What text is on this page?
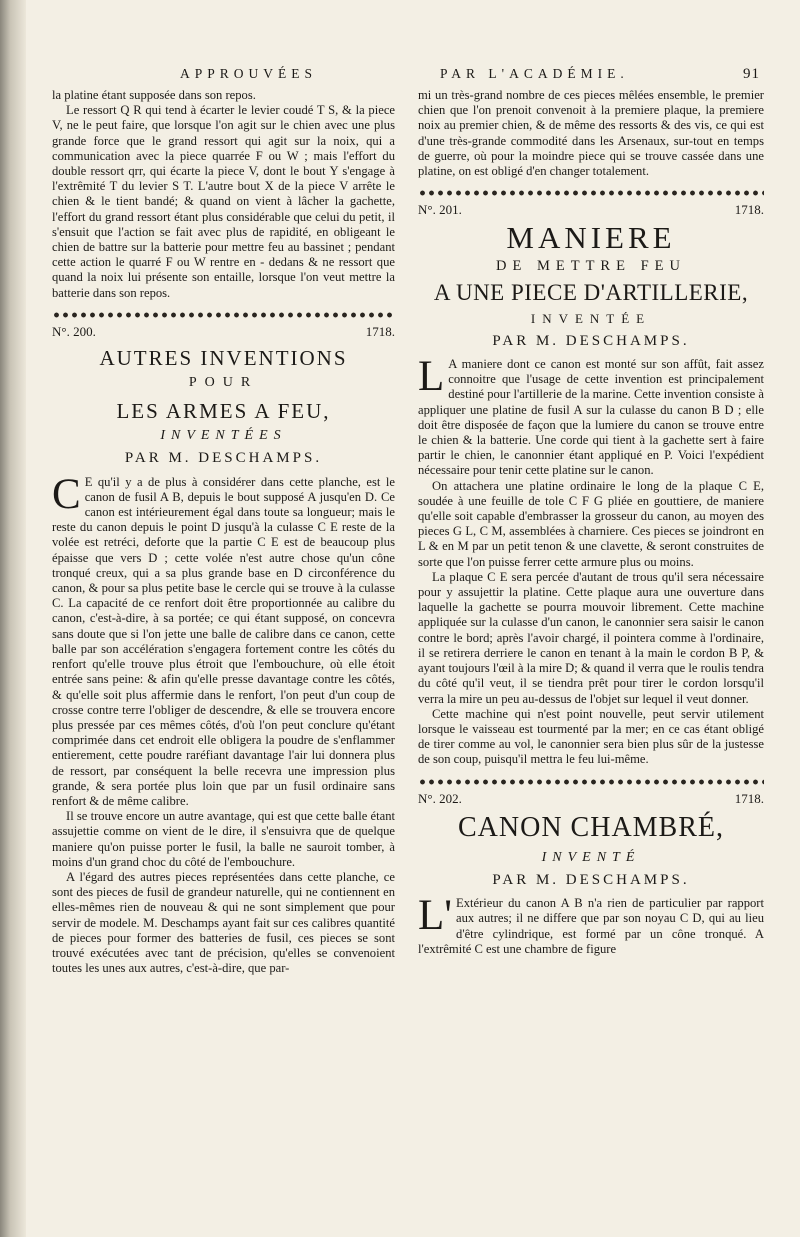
APPROUVÉES	PAR L'ACADÉMIE.	91

la platine étant supposée dans son repos.

Le ressort Q R qui tend à écarter le levier coudé T S, & la piece V, ne le peut faire, que lorsque l'on agit sur le chien avec une plus grande force que le grand ressort qui agit sur la noix, qui a communication avec la piece quarrée F ou W ; mais l'effort du double ressort qrr, qui écarte la piece V, dont le bout Y s'engage à l'extrêmité T du levier S T. L'autre bout X de la piece V arrête le chien & le tient bandé; & quand on vient à lâcher la gachette, l'effort du grand ressort étant plus considérable que celui du petit, il s'ensuit que l'action se fait avec plus de rapidité, en obligeant le chien de battre sur la batterie pour mettre feu au bassinet ; pendant cette action le quarré F ou W rentre en - dedans & ne ressort que quand la noix lui présente son entaille, lorsque l'on veut mettre la batterie dans son repos.

N°. 200.	1718.
AUTRES INVENTIONS
POUR
LES ARMES A FEU,
INVENTÉES
PAR M. DESCHAMPS.

CE qu'il y a de plus à considérer dans cette planche, est le canon de fusil A B, depuis le bout supposé A jusqu'en D. Ce canon est intérieurement égal dans toute sa longueur; mais le reste du canon depuis le point D jusqu'à la culasse C E reste de la volée est retréci, deforte que la partie C E est de beaucoup plus épaisse que vers D ; cette volée n'est autre chose qu'un cône tronqué creux, qui a sa plus grande base en D circonférence du canon, & pour sa plus petite base le cercle qui se trouve à la culasse C. La capacité de ce renfort doit être proportionnée au calibre du canon, c'est-à-dire, à sa portée; ce qui étant supposé, on concevra sans doute que si l'on jette une balle de calibre dans ce canon, cette balle par son accélération s'engagera fortement contre les côtés du renfort qu'elle trouve plus étroit que l'embouchure, où elle étoit entrée sans peine: & afin qu'elle presse davantage contre les côtés, & qu'elle soit plus affermie dans le renfort, l'on peut d'un coup de crosse contre terre l'obliger de descendre, & elle se trouvera encore plus pressée par ces mêmes côtés, d'où l'on peut conclure qu'étant comprimée dans cet endroit elle obligera la poudre de s'enflammer entierement, cette poudre raréfiant davantage l'air lui donnera plus de ressort, par conséquent la belle recevra une impression plus grande, & sera portée plus loin que par un fusil ordinaire sans renfort & de même calibre.

Il se trouve encore un autre avantage, qui est que cette balle étant assujettie comme on vient de le dire, il s'ensuivra que de quelque maniere qu'on puisse porter le fusil, la balle ne sauroit tomber, à moins d'un grand choc du côté de l'embouchure.

A l'égard des autres pieces représentées dans cette planche, ce sont des pieces de fusil de grandeur naturelle, qui ne contiennent en elles-mêmes rien de nouveau & qui ne sont simplement que pour servir de modele. M. Deschamps ayant fait sur ces calibres quantité de pieces pour former des batteries de fusil, ces pieces se sont trouvé exécutées avec tant de précision, qu'elles se convenoient toutes les unes aux autres, c'est-à-dire, que par-

mi un très-grand nombre de ces pieces mêlées ensemble, le premier chien que l'on prenoit convenoit à la premiere plaque, la premiere noix au premier chien, & de même des ressorts & des vis, ce qui est d'une très-grande commodité dans les Arsenaux, sur-tout en temps de guerre, où pour la moindre piece qui se trouve cassée dans une platine, on est obligé d'en changer totalement.

N°. 201.	1718.
MANIERE
DE METTRE FEU
A UNE PIECE D'ARTILLERIE,
INVENTÉE
PAR M. DESCHAMPS.

LA maniere dont ce canon est monté sur son affût, fait assez connoitre que l'usage de cette invention est principalement destiné pour l'artillerie de la marine. Cette invention consiste à appliquer une platine de fusil A sur la culasse du canon B D ; elle doit être disposée de façon que la lumiere du canon se trouve entre le chien & la batterie. Une corde qui tient à la gachette sert à faire partir le chien, le canonnier étant appliqué en P. Voici l'expédient nécessaire pour tenir cette platine sur le canon.

On attachera une platine ordinaire le long de la plaque C E, soudée à une feuille de tole C F G pliée en gouttiere, de maniere qu'elle soit capable d'embrasser la grosseur du canon, au moyen des pieces G L, C M, assemblées à charniere. Ces pieces se joindront en L & en M par un petit tenon & une clavette, & seront construites de sorte que l'on puisse ferrer cette armure plus ou moins.

La plaque C E sera percée d'autant de trous qu'il sera nécessaire pour y assujettir la platine. Cette plaque aura une ouverture dans laquelle la gachette se pourra mouvoir librement. Cette machine appliquée sur la culasse d'un canon, le canonnier sera saisir le canon contre le bord; après l'avoir chargé, il pointera comme à l'ordinaire, il se retirera derriere le canon en tenant à la main le cordon B P, & ayant toujours l'œil à la mire D; & quand il verra que le roulis tendra du côté qu'il veut, il se tiendra prêt pour tirer le cordon lorsqu'il verra la mire un peu au-dessus de l'objet sur lequel il veut donner.

Cette machine qui n'est point nouvelle, peut servir utilement lorsque le vaisseau est tourmenté par la mer; en ce cas étant obligé de tirer comme au vol, le canonnier sera bien plus sûr de la justesse de son coup, puisqu'il mettra le feu lui-même.

N°. 202.	1718.
CANON CHAMBRÉ,
INVENTÉ
PAR M. DESCHAMPS.

L'Extérieur du canon A B n'a rien de particulier par rapport aux autres; il ne differe que par son noyau C D, qui au lieu d'être cylindrique, est formé par un cône tronqué. A l'extrêmité C est une chambre de figure
